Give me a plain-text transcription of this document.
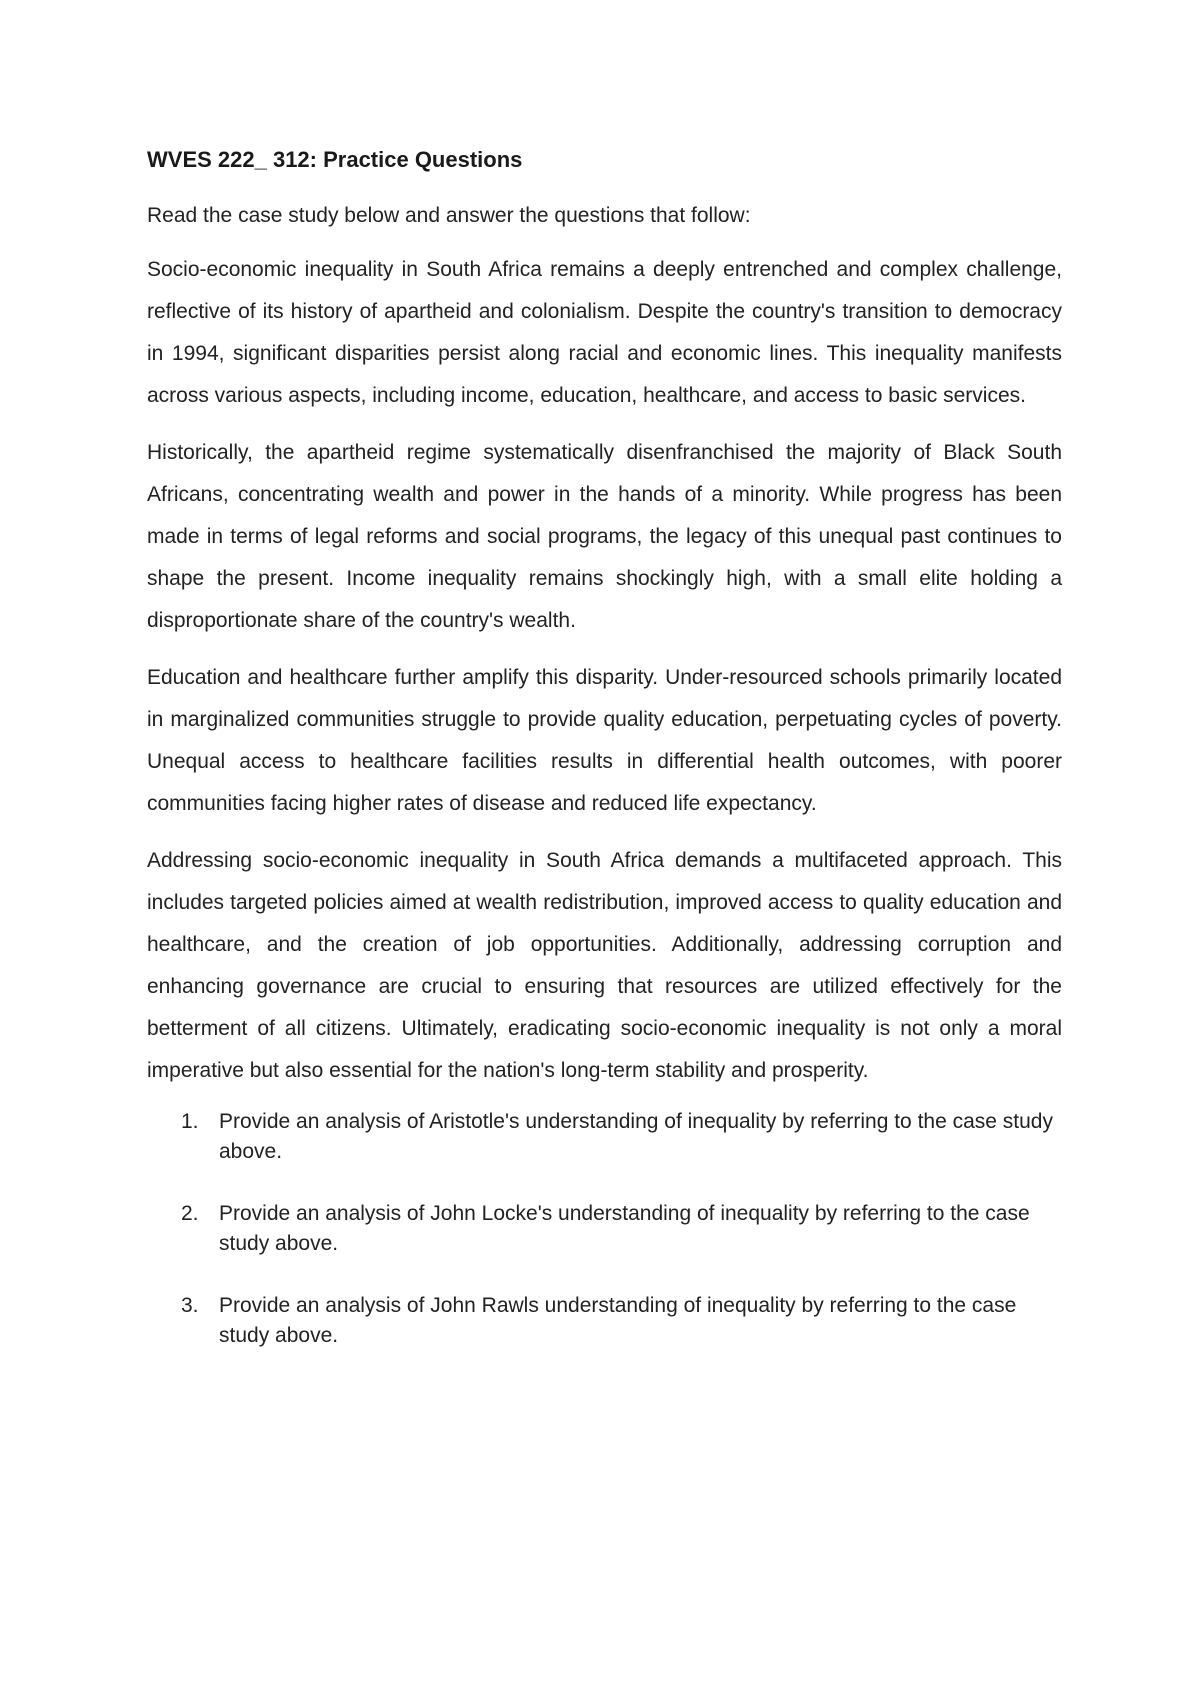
WVES 222_ 312: Practice Questions

Read the case study below and answer the questions that follow:

Socio-economic inequality in South Africa remains a deeply entrenched and complex challenge, reflective of its history of apartheid and colonialism. Despite the country's transition to democracy in 1994, significant disparities persist along racial and economic lines. This inequality manifests across various aspects, including income, education, healthcare, and access to basic services.

Historically, the apartheid regime systematically disenfranchised the majority of Black South Africans, concentrating wealth and power in the hands of a minority. While progress has been made in terms of legal reforms and social programs, the legacy of this unequal past continues to shape the present. Income inequality remains shockingly high, with a small elite holding a disproportionate share of the country's wealth.

Education and healthcare further amplify this disparity. Under-resourced schools primarily located in marginalized communities struggle to provide quality education, perpetuating cycles of poverty. Unequal access to healthcare facilities results in differential health outcomes, with poorer communities facing higher rates of disease and reduced life expectancy.

Addressing socio-economic inequality in South Africa demands a multifaceted approach. This includes targeted policies aimed at wealth redistribution, improved access to quality education and healthcare, and the creation of job opportunities. Additionally, addressing corruption and enhancing governance are crucial to ensuring that resources are utilized effectively for the betterment of all citizens. Ultimately, eradicating socio-economic inequality is not only a moral imperative but also essential for the nation's long-term stability and prosperity.

1. Provide an analysis of Aristotle's understanding of inequality by referring to the case study above.
2. Provide an analysis of John Locke's understanding of inequality by referring to the case study above.
3. Provide an analysis of John Rawls understanding of inequality by referring to the case study above.
